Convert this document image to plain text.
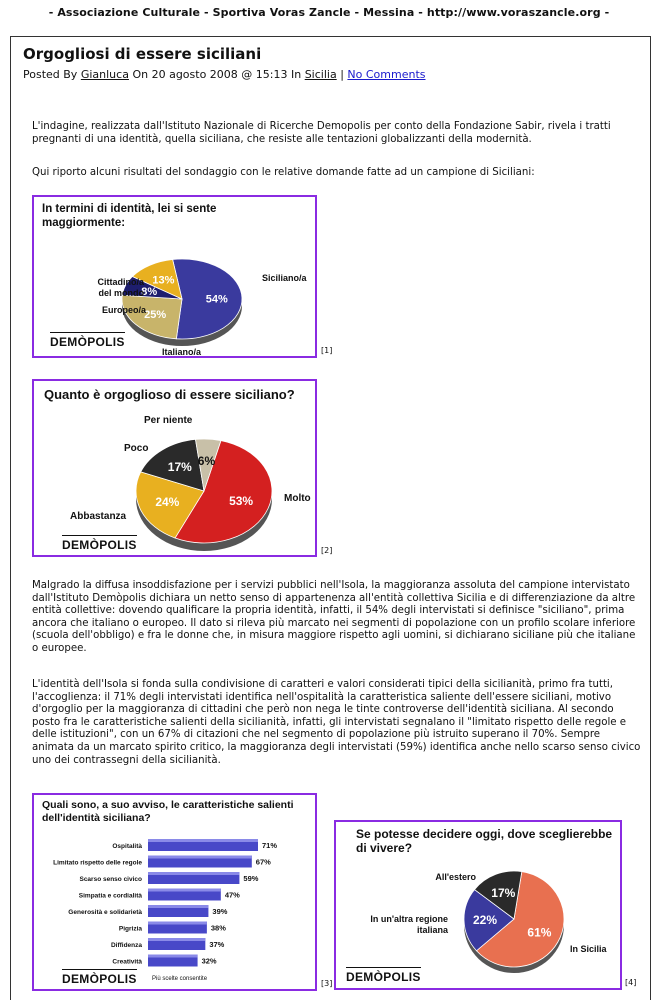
- Associazione Culturale - Sportiva Voras Zancle - Messina - http://www.voraszancle.org -
Orgogliosi di essere siciliani
Posted By Gianluca On 20 agosto 2008 @ 15:13 In Sicilia | No Comments

L'indagine, realizzata dall'Istituto Nazionale di Ricerche Demopolis per conto della Fondazione Sabir, rivela i tratti pregnanti di una identità, quella siciliana, che resiste alle tentazioni globalizzanti della modernità.

Qui riporto alcuni risultati del sondaggio con le relative domande fatte ad un campione di Siciliani:

In termini di identità, lei si sente maggiormente:
54%
25%
8%
13%	Siciliano/a
Italiano/a
Europeo/a
Cittadino/a
del mondo
DEMÒPOLIS
[1]
Quanto è orgoglioso di essere siciliano?
53%
24%
17% 6%
Molto
Abbastanza
Poco
Per niente
DEMÒPOLIS	[2]

Malgrado la diffusa insoddisfazione per i servizi pubblici nell'Isola, la maggioranza assoluta del campione intervistato dall'Istituto Demòpolis dichiara un netto senso di appartenenza all'entità collettiva Sicilia e di differenziazione da altre entità collettive: dovendo qualificare la propria identità, infatti, il 54% degli intervistati si definisce "siciliano", prima ancora che italiano o europeo. Il dato si rileva più marcato nei segmenti di popolazione con un profilo scolare inferiore (scuola dell'obbligo) e fra le donne che, in misura maggiore rispetto agli uomini, si dichiarano siciliane più che italiane o europee.

L'identità dell'Isola si fonda sulla condivisione di caratteri e valori considerati tipici della sicilianità, primo fra tutti, l'accoglienza: il 71% degli intervistati identifica nell'ospitalità la caratteristica saliente dell'essere siciliani, motivo d'orgoglio per la maggioranza di cittadini che però non nega le tinte controverse dell'identità siciliana. Al secondo posto fra le caratteristiche salienti della sicilianità, infatti, gli intervistati segnalano il "limitato rispetto delle regole e delle istituzioni", con un 67% di citazioni che nel segmento di popolazione più istruito superano il 70%. Sempre animata da un marcato spirito critico, la maggioranza degli intervistati (59%) identifica anche nello scarso senso civico uno dei contrassegni della sicilianità.

Quali sono, a suo avviso, le caratteristiche salienti dell'identità siciliana?
Ospitalità	71%
Limitato rispetto delle regole	67%
Scarso senso civico	59%
Simpatia e cordialità	47%
Generosità e solidarietà	39%
Pigrizia	38%
Diffidenza	37%
Creatività	32%
DEMÒPOLIS	Più scelte consentite	[3]
Se potesse decidere oggi, dove sceglierebbe di vivere?
61%
22%
17%
In Sicilia
In un'altra regione
italiana
All'estero
DEMÒPOLIS	[4]
